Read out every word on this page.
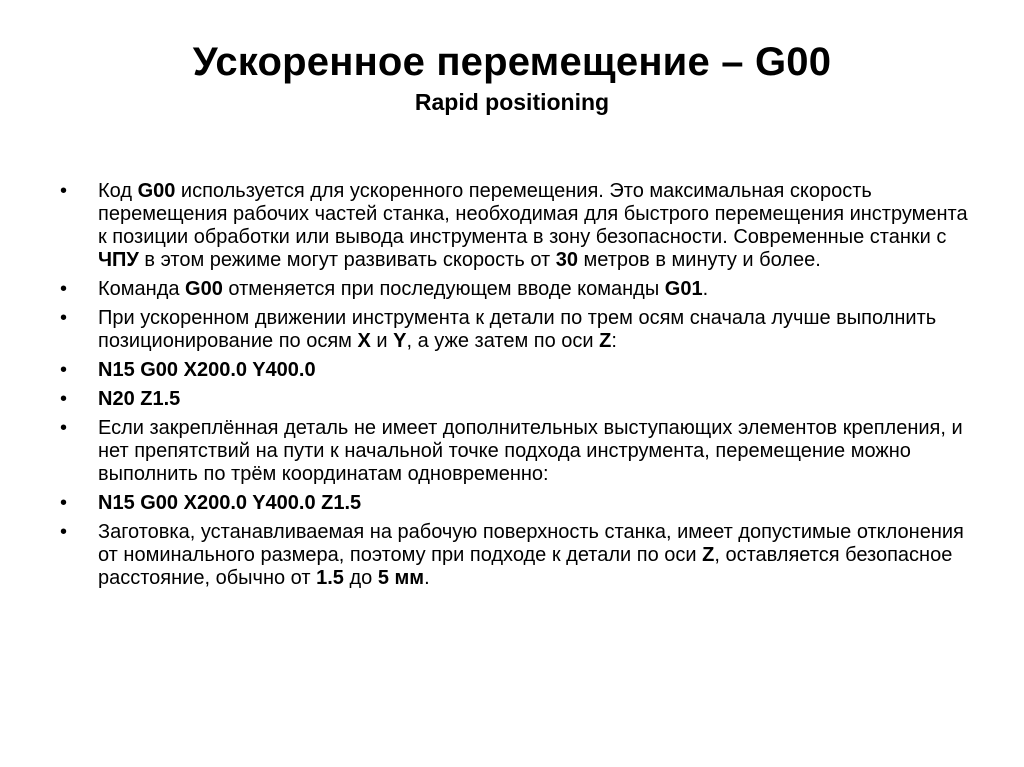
Ускоренное перемещение – G00
Rapid positioning
•	Код G00 используется для ускоренного перемещения. Это максимальная скорость перемещения рабочих частей станка, необходимая для быстрого перемещения инструмента к позиции обработки или вывода инструмента в зону безопасности. Современные станки с ЧПУ в этом режиме могут развивать скорость от 30 метров в минуту и более.
•	Команда G00 отменяется при последующем вводе команды G01.
•	При ускоренном движении инструмента к детали по трем осям сначала лучше выполнить позиционирование по осям X и Y, а уже затем по оси Z:
•	N15 G00 X200.0 Y400.0
•	N20 Z1.5
•	Если закреплённая деталь не имеет дополнительных выступающих элементов крепления, и нет препятствий на пути к начальной точке подхода инструмента, перемещение можно выполнить по трём координатам одновременно:
•	N15 G00 X200.0 Y400.0 Z1.5
•	Заготовка, устанавливаемая на рабочую поверхность станка, имеет допустимые отклонения от номинального размера, поэтому при подходе к детали по оси Z, оставляется безопасное расстояние, обычно от 1.5 до 5 мм.
